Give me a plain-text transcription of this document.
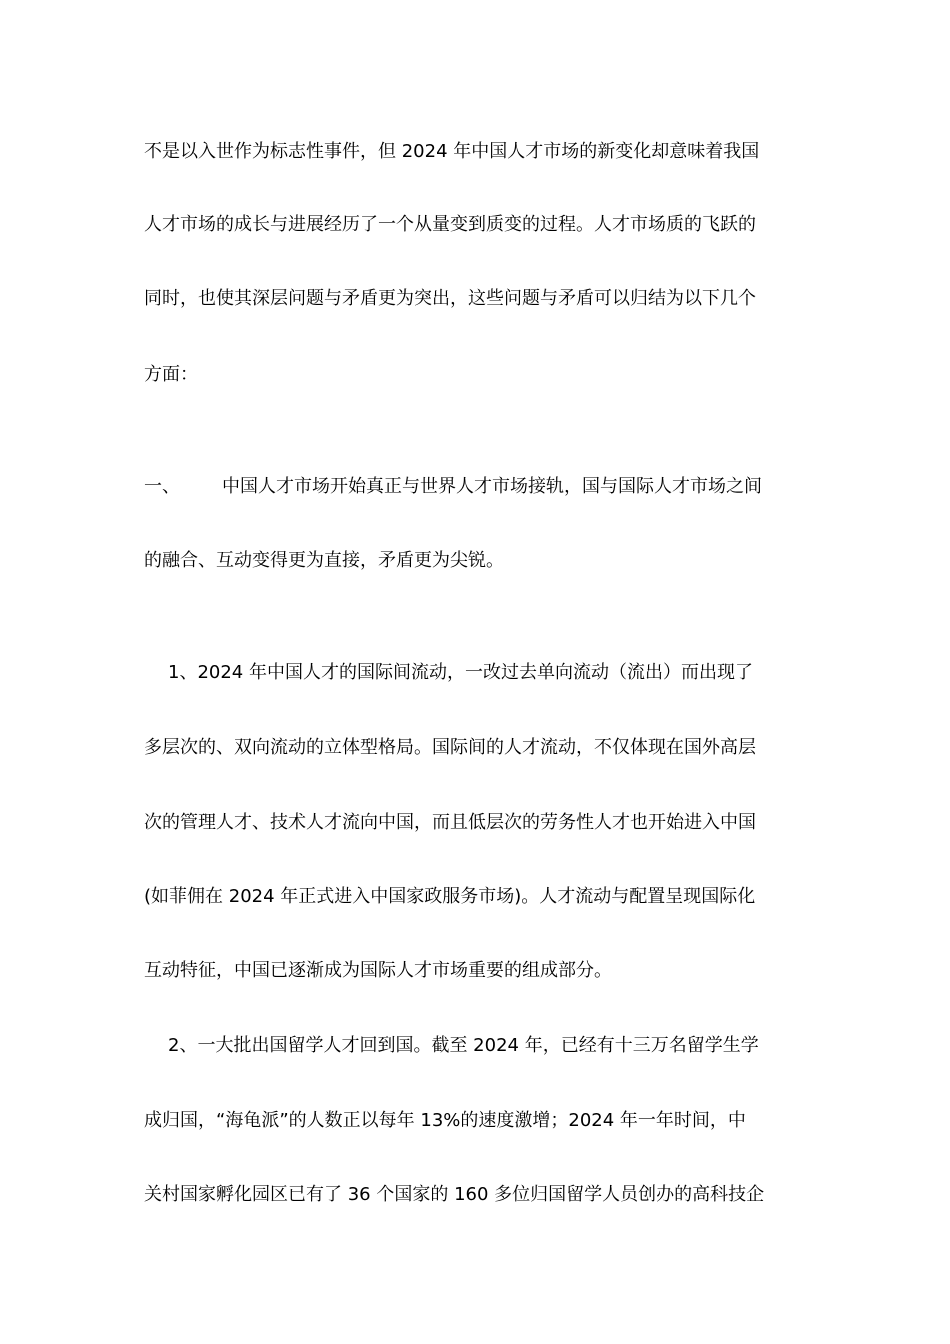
不是以入世作为标志性事件，但 2024 年中国人才市场的新变化却意味着我国
人才市场的成长与进展经历了一个从量变到质变的过程。人才市场质的飞跃的
同时，也使其深层问题与矛盾更为突出，这些问题与矛盾可以归结为以下几个
方面：
一、 中国人才市场开始真正与世界人才市场接轨，国与国际人才市场之间
的融合、互动变得更为直接，矛盾更为尖锐。
1、2024 年中国人才的国际间流动，一改过去单向流动（流出）而出现了
多层次的、双向流动的立体型格局。国际间的人才流动，不仅体现在国外高层
次的管理人才、技术人才流向中国，而且低层次的劳务性人才也开始进入中国
(如菲佣在 2024 年正式进入中国家政服务市场)。人才流动与配置呈现国际化
互动特征，中国已逐渐成为国际人才市场重要的组成部分。
2、一大批出国留学人才回到国。截至 2024 年，已经有十三万名留学生学
成归国，“海龟派”的人数正以每年 13%的速度激增；2024 年一年时间，中
关村国家孵化园区已有了 36 个国家的 160 多位归国留学人员创办的高科技企
